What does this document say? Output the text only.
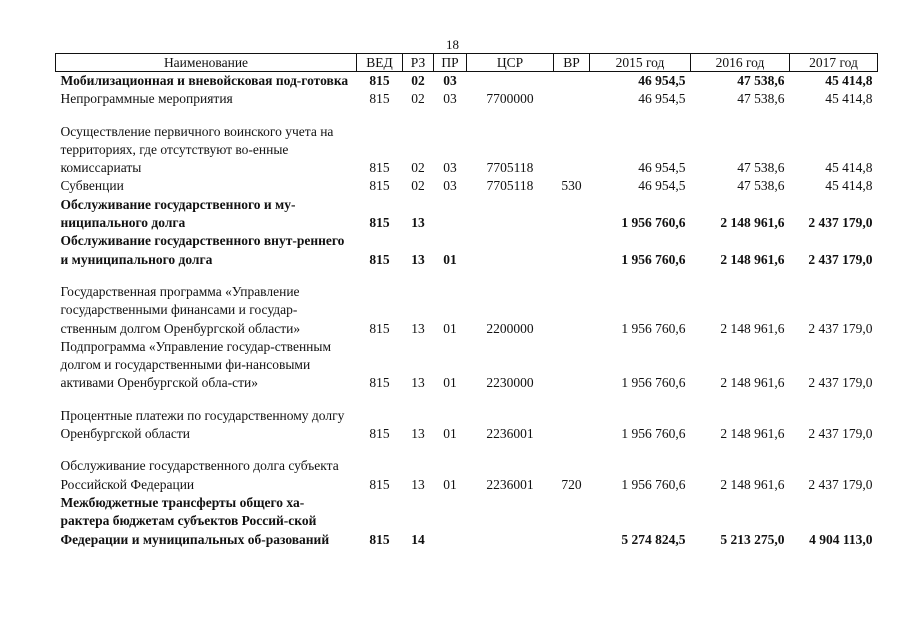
18
Наименование	ВЕД	РЗ	ПР	ЦСР	ВР	2015 год	2016 год	2017 год
Мобилизационная и вневойсковая под-готовка	815	02	03			46 954,5	47 538,6	45 414,8
Непрограммные мероприятия	815	02	03	7700000		46 954,5	47 538,6	45 414,8
Осуществление первичного воинского учета на территориях, где отсутствуют во-енные комиссариаты	815	02	03	7705118		46 954,5	47 538,6	45 414,8
Субвенции	815	02	03	7705118	530	46 954,5	47 538,6	45 414,8
Обслуживание государственного и му-ниципального долга	815	13				1 956 760,6	2 148 961,6	2 437 179,0
Обслуживание государственного внут-реннего и муниципального долга	815	13	01			1 956 760,6	2 148 961,6	2 437 179,0
Государственная программа «Управление государственными финансами и государ-ственным долгом Оренбургской области»	815	13	01	2200000		1 956 760,6	2 148 961,6	2 437 179,0
Подпрограмма «Управление государ-ственным долгом и государственными фи-нансовыми активами Оренбургской обла-сти»	815	13	01	2230000		1 956 760,6	2 148 961,6	2 437 179,0
Процентные платежи по государственному долгу Оренбургской области	815	13	01	2236001		1 956 760,6	2 148 961,6	2 437 179,0
Обслуживание государственного долга субъекта Российской Федерации	815	13	01	2236001	720	1 956 760,6	2 148 961,6	2 437 179,0
Межбюджетные трансферты общего ха-рактера бюджетам субъектов Россий-ской Федерации и муниципальных об-разований	815	14				5 274 824,5	5 213 275,0	4 904 113,0
